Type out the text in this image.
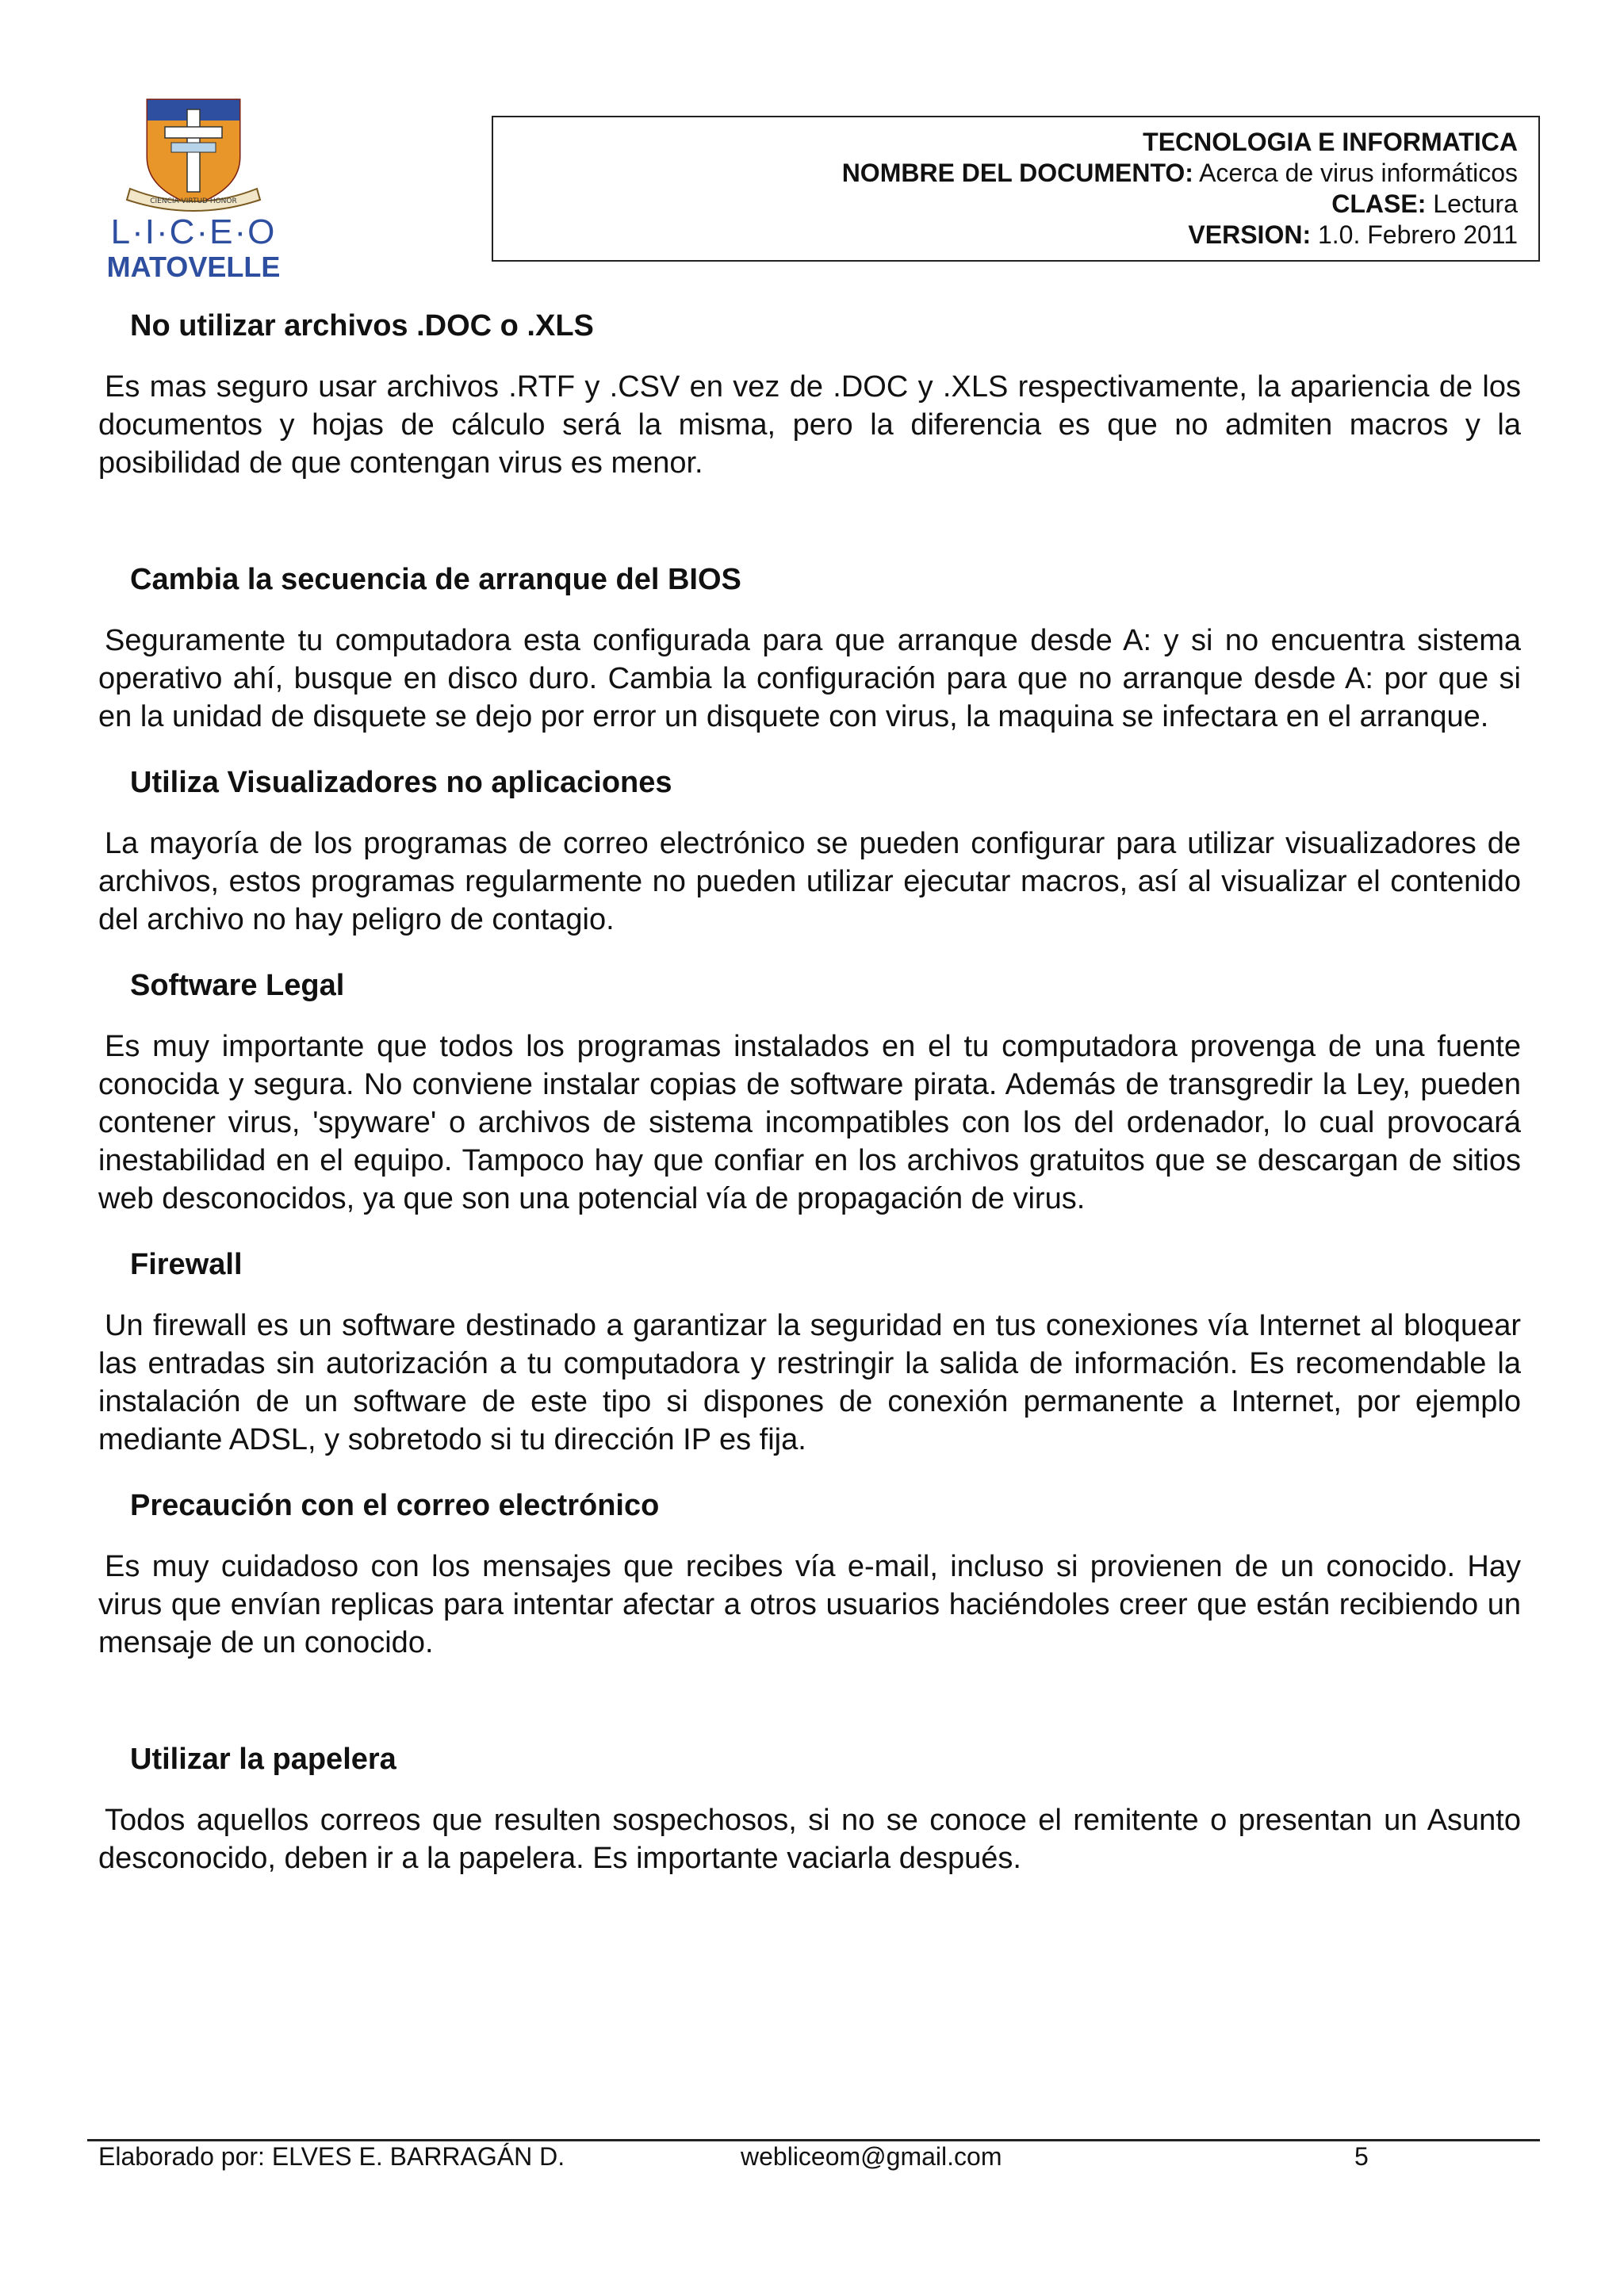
CIENCIA VIRTUD HONOR
L·I·C·E·O
MATOVELLE
TECNOLOGIA E INFORMATICA
NOMBRE DEL DOCUMENTO: Acerca de virus informáticos
CLASE: Lectura
VERSION: 1.0. Febrero 2011
No utilizar archivos .DOC o .XLS
Es mas seguro usar archivos .RTF y .CSV en vez de .DOC y .XLS respectivamente, la apariencia de los documentos y hojas de cálculo será la misma, pero la diferencia es que no admiten macros y la posibilidad de que contengan virus es menor.
Cambia la secuencia de arranque del BIOS
Seguramente tu computadora esta configurada para que arranque desde A: y si no encuentra sistema operativo ahí, busque en disco duro. Cambia la configuración para que no arranque desde A: por que si en la unidad de disquete se dejo por error un disquete con virus, la maquina se infectara en el arranque.
Utiliza Visualizadores no aplicaciones
La mayoría de los programas de correo electrónico se pueden configurar para utilizar visualizadores de archivos, estos programas regularmente no pueden utilizar ejecutar macros, así al visualizar el contenido del archivo no hay peligro de contagio.
Software Legal
Es muy importante que todos los programas instalados en el tu computadora provenga de una fuente conocida y segura. No conviene instalar copias de software pirata. Además de transgredir la Ley, pueden contener virus, 'spyware' o archivos de sistema incompatibles con los del ordenador, lo cual provocará inestabilidad en el equipo. Tampoco hay que confiar en los archivos gratuitos que se descargan de sitios web desconocidos, ya que son una potencial vía de propagación de virus.
Firewall
Un firewall es un software destinado a garantizar la seguridad en tus conexiones vía Internet al bloquear las entradas sin autorización a tu computadora y restringir la salida de información. Es recomendable la instalación de un software de este tipo si dispones de conexión permanente a Internet, por ejemplo mediante ADSL, y sobretodo si tu dirección IP es fija.
Precaución con el correo electrónico
Es muy cuidadoso con los mensajes que recibes vía e-mail, incluso si provienen de un conocido. Hay virus que envían replicas para intentar afectar a otros usuarios haciéndoles creer que están recibiendo un mensaje de un conocido.
Utilizar la papelera
Todos aquellos correos que resulten sospechosos, si no se conoce el remitente o presentan un Asunto desconocido, deben ir a la papelera. Es importante vaciarla después.
Elaborado por: ELVES E. BARRAGÁN D.	webliceom@gmail.com	5
